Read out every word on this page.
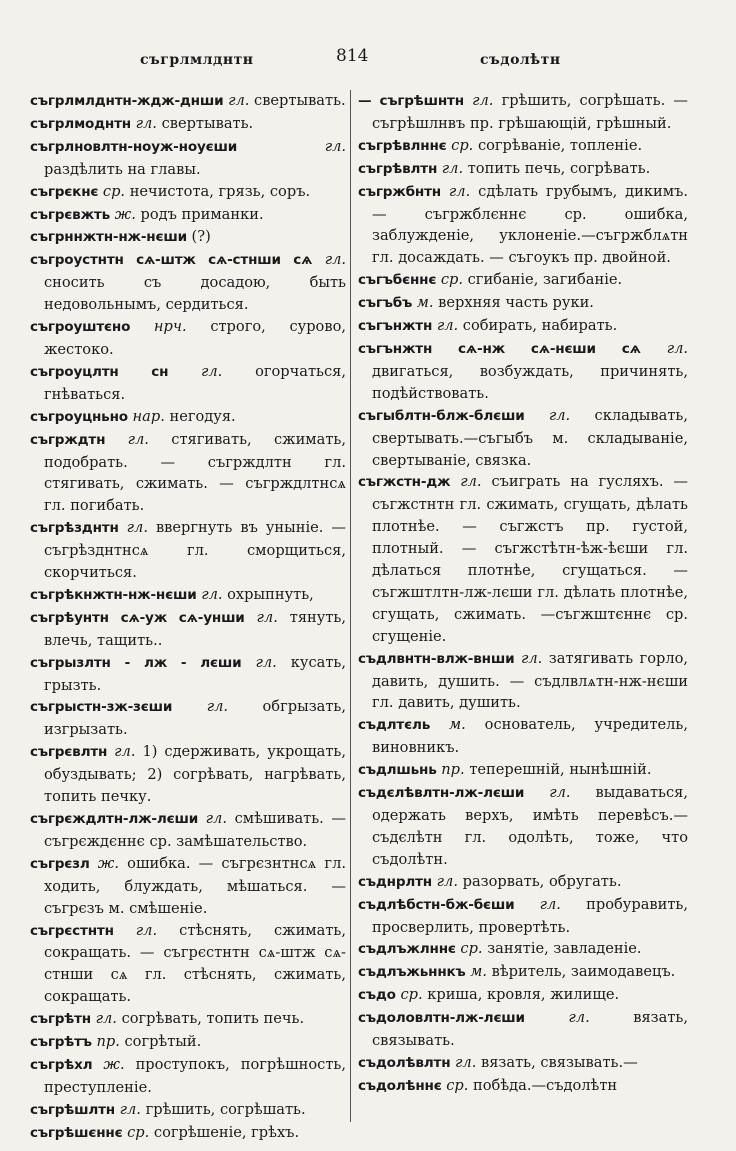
съгрлмлднтн	814	съдолѣтн

съгрлмлднтн-ждж-днши гл. свертывать.

съгрлмоднтн гл. свертывать.

съгрлновлтн-ноуж-ноуєши	гл. раздѣлить на главы.

съгрєкнє ср. нечистота, грязь, соръ.

съгрєвжть ж. родъ приманки.

съгрннжтн-нж-нєши (?)

съгроустнтн сѧ-штж сѧ-стнши сѧ гл. сносить съ досадою, быть недовольнымъ, сердиться.

съгроуштєно нрч. строго, сурово, жестоко.

съгроуцлтн сн гл. огорчаться, гнѣваться.

съгроуцньно нар. негодуя.

съгрждтн гл. стягивать, сжимать, подобрать. — съгрждлтн гл. стягивать, сжимать. — съгрждлтнсѧ гл. погибать.

съгрѣзднтн гл. ввергнуть въ уныніе. — съгрѣзднтнсѧ гл. сморщиться, скорчиться.

съгрѣкнжтн-нж-нєши гл. охрыпнуть,

съгрѣунтн сѧ-уж сѧ-унши гл. тянуть, влечь, тащить..

съгрызлтн - лж - лєши гл. кусать, грызть.

съгрыстн-зж-зєши гл. обгрызать, изгрызать.

съгрєвлтн гл. 1) сдерживать, укрощать, обуздывать; 2) согрѣвать, нагрѣвать, топить печку.

съгрєждлтн-лж-лєши гл. смѣшивать. —съгрєждєннє ср. замѣшательство.

съгрєзл ж. ошибка. — съгрєзнтнсѧ гл. ходить, блуждать, мѣшаться. — съгрєзъ м. смѣшеніе.

съгрєстнтн гл. стѣснять, сжимать, сокращать. — съгрєстнтн сѧ-штж сѧ-стнши сѧ гл. стѣснять, сжимать, сокращать.

съгрѣтн гл. согрѣвать, топить печь.

съгрѣтъ пр. согрѣтый.

съгрѣхл ж. проступокъ, погрѣшность, преступленіе.

съгрѣшлтн гл. грѣшить, согрѣшать.

съгрѣшєннє ср. согрѣшеніе, грѣхъ.

— съгрѣшнтн гл. грѣшить, согрѣшать. — съгрѣшлнвъ пр. грѣшающій, грѣшный.

съгрѣвлннє ср. согрѣваніе, топленіе.

съгрѣвлтн гл. топить печь, согрѣвать.

съгржбнтн гл. сдѣлать грубымъ, дикимъ. — съгржблєннє ср. ошибка, заблужденіе, уклоненіе.—съгржблѧтн гл. досаждать. — съгоукъ пр. двойной.

съгъбєннє ср. сгибаніе, загибаніе.

съгъбъ м. верхняя часть руки.

съгънжтн гл. собирать, набирать.

съгънжтн сѧ-нж сѧ-нєши сѧ гл. двигаться, возбуждать, причинять, подѣйствовать.

съгыблтн-блж-блєши гл. складывать, свертывать.—съгыбъ м. складываніе, свертываніе, связка.

съгжстн-дж гл. съиграть на гусляхъ. —съгжстнтн гл. сжимать, сгущать, дѣлать плотнѣе. — съгжстъ пр. густой, плотный. — съгжстѣтн-ѣж-ѣєши гл. дѣлаться плотнѣе, сгущаться. — съгжштлтн-лж-лєши гл. дѣлать плотнѣе, сгущать, сжимать. —съгжштєннє ср. сгущеніе.

съдлвнтн-влж-внши гл. затягивать горло, давить, душить. — съдлвлѧтн-нж-нєши гл. давить, душить.

съдлтєль м. основатель, учредитель, виновникъ.

съдлшьнь пр. теперешній, нынѣшній.

съдєлѣвлтн-лж-лєши гл. выдаваться, одержать верхъ, имѣть перевѣсъ.— съдєлѣтн гл. одолѣть, тоже, что съдолѣтн.

съднрлтн гл. разорвать, обругать.

съдлѣбстн-бж-бєши гл. пробуравить, просверлить, провертѣть.

съдлъжлннє ср. занятіе, завладеніе.

съдлъжьннкъ м. вѣритель, заимодавецъ.

съдо ср. кришa, кровля, жилище.

съдоловлтн-лж-лєши	гл.	вязать, связывать.

съдолѣвлтн гл. вязать, связывать.—

съдолѣннє ср. побѣда.—съдолѣтн
